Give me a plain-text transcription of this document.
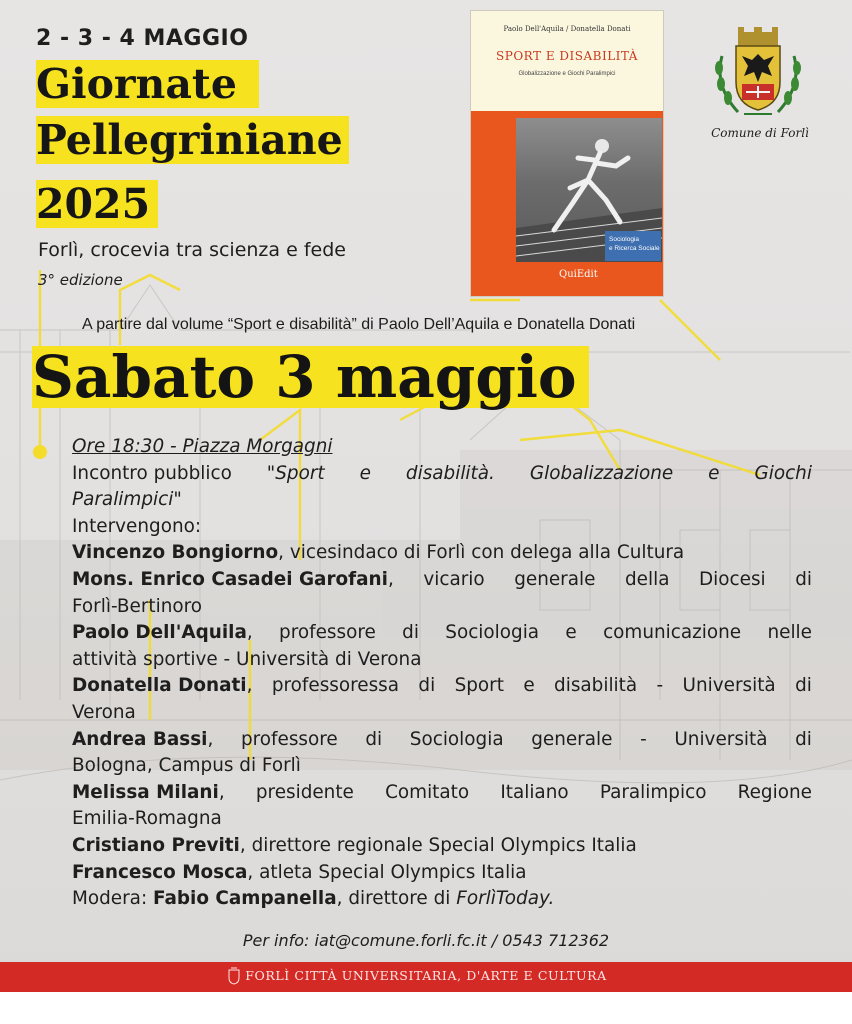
2 - 3 - 4 MAGGIO
Giornate
Pellegriniane
2025
Forlì, crocevia tra scienza e fede
3° edizione
Paolo Dell'Aquila / Donatella Donati
SPORT E DISABILITÀ
Globalizzazione e Giochi Paralimpici
Sociologia
e Ricerca Sociale
QuiEdit
Comune di Forlì
A partire dal volume “Sport e disabilità” di Paolo Dell’Aquila e Donatella Donati
Sabato 3 maggio
Ore 18:30 - Piazza Morgagni
Incontro pubblico "Sport e disabilità. Globalizzazione e Giochi
Paralimpici"
Intervengono:
Vincenzo Bongiorno, vicesindaco di Forlì con delega alla Cultura
Mons. Enrico Casadei Garofani, vicario generale della Diocesi di
Forlì-Bertinoro
Paolo Dell'Aquila, professore di Sociologia e comunicazione nelle
attività sportive - Università di Verona
Donatella Donati, professoressa di Sport e disabilità - Università di
Verona
Andrea Bassi, professore di Sociologia generale - Università di
Bologna, Campus di Forlì
Melissa Milani, presidente Comitato Italiano Paralimpico Regione
Emilia-Romagna
Cristiano Previti, direttore regionale Special Olympics Italia
Francesco Mosca, atleta Special Olympics Italia
Modera: Fabio Campanella, direttore di ForlìToday.
Per info: iat@comune.forli.fc.it / 0543 712362
FORLÌ CITTÀ UNIVERSITARIA, D'ARTE E CULTURA
